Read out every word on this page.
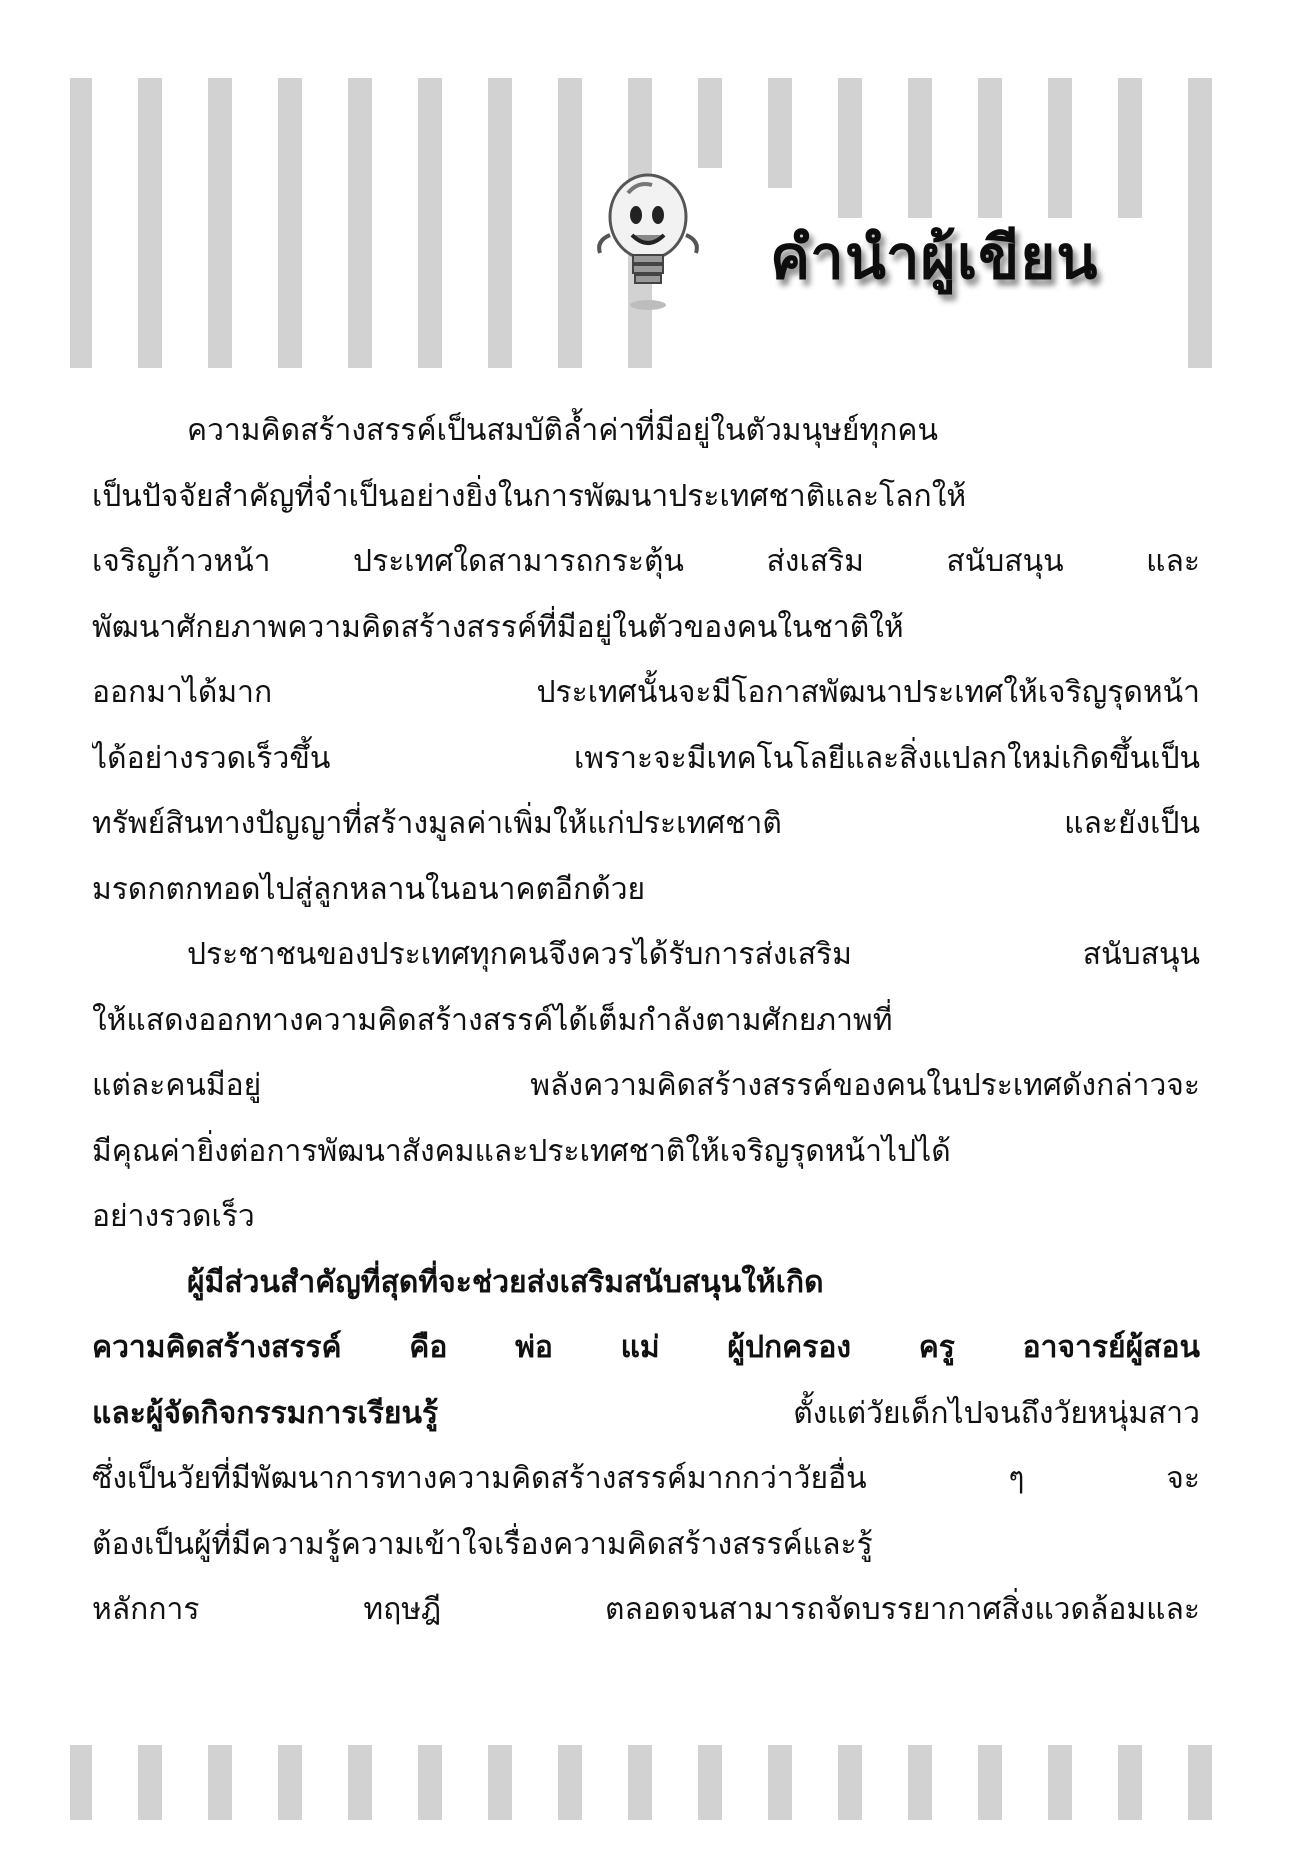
คำนำผู้เขียน
ความคิดสร้างสรรค์เป็นสมบัติล้ำค่าที่มีอยู่ในตัวมนุษย์ทุกคน
เป็นปัจจัยสำคัญที่จำเป็นอย่างยิ่งในการพัฒนาประเทศชาติและโลกให้
เจริญก้าวหน้า ประเทศใดสามารถกระตุ้น ส่งเสริม สนับสนุน และ
พัฒนาศักยภาพความคิดสร้างสรรค์ที่มีอยู่ในตัวของคนในชาติให้
ออกมาได้มาก ประเทศนั้นจะมีโอกาสพัฒนาประเทศให้เจริญรุดหน้า
ได้อย่างรวดเร็วขึ้น เพราะจะมีเทคโนโลยีและสิ่งแปลกใหม่เกิดขึ้นเป็น
ทรัพย์สินทางปัญญาที่สร้างมูลค่าเพิ่มให้แก่ประเทศชาติ และยังเป็น
มรดกตกทอดไปสู่ลูกหลานในอนาคตอีกด้วย
ประชาชนของประเทศทุกคนจึงควรได้รับการส่งเสริม สนับสนุน
ให้แสดงออกทางความคิดสร้างสรรค์ได้เต็มกำลังตามศักยภาพที่
แต่ละคนมีอยู่ พลังความคิดสร้างสรรค์ของคนในประเทศดังกล่าวจะ
มีคุณค่ายิ่งต่อการพัฒนาสังคมและประเทศชาติให้เจริญรุดหน้าไปได้
อย่างรวดเร็ว
ผู้มีส่วนสำคัญที่สุดที่จะช่วยส่งเสริมสนับสนุนให้เกิด
ความคิดสร้างสรรค์ คือ พ่อ แม่ ผู้ปกครอง ครู อาจารย์ผู้สอน
และผู้จัดกิจกรรมการเรียนรู้	ตั้งแต่วัยเด็กไปจนถึงวัยหนุ่มสาว
ซึ่งเป็นวัยที่มีพัฒนาการทางความคิดสร้างสรรค์มากกว่าวัยอื่น ๆ จะ
ต้องเป็นผู้ที่มีความรู้ความเข้าใจเรื่องความคิดสร้างสรรค์และรู้
หลักการ ทฤษฎี ตลอดจนสามารถจัดบรรยากาศสิ่งแวดล้อมและ
